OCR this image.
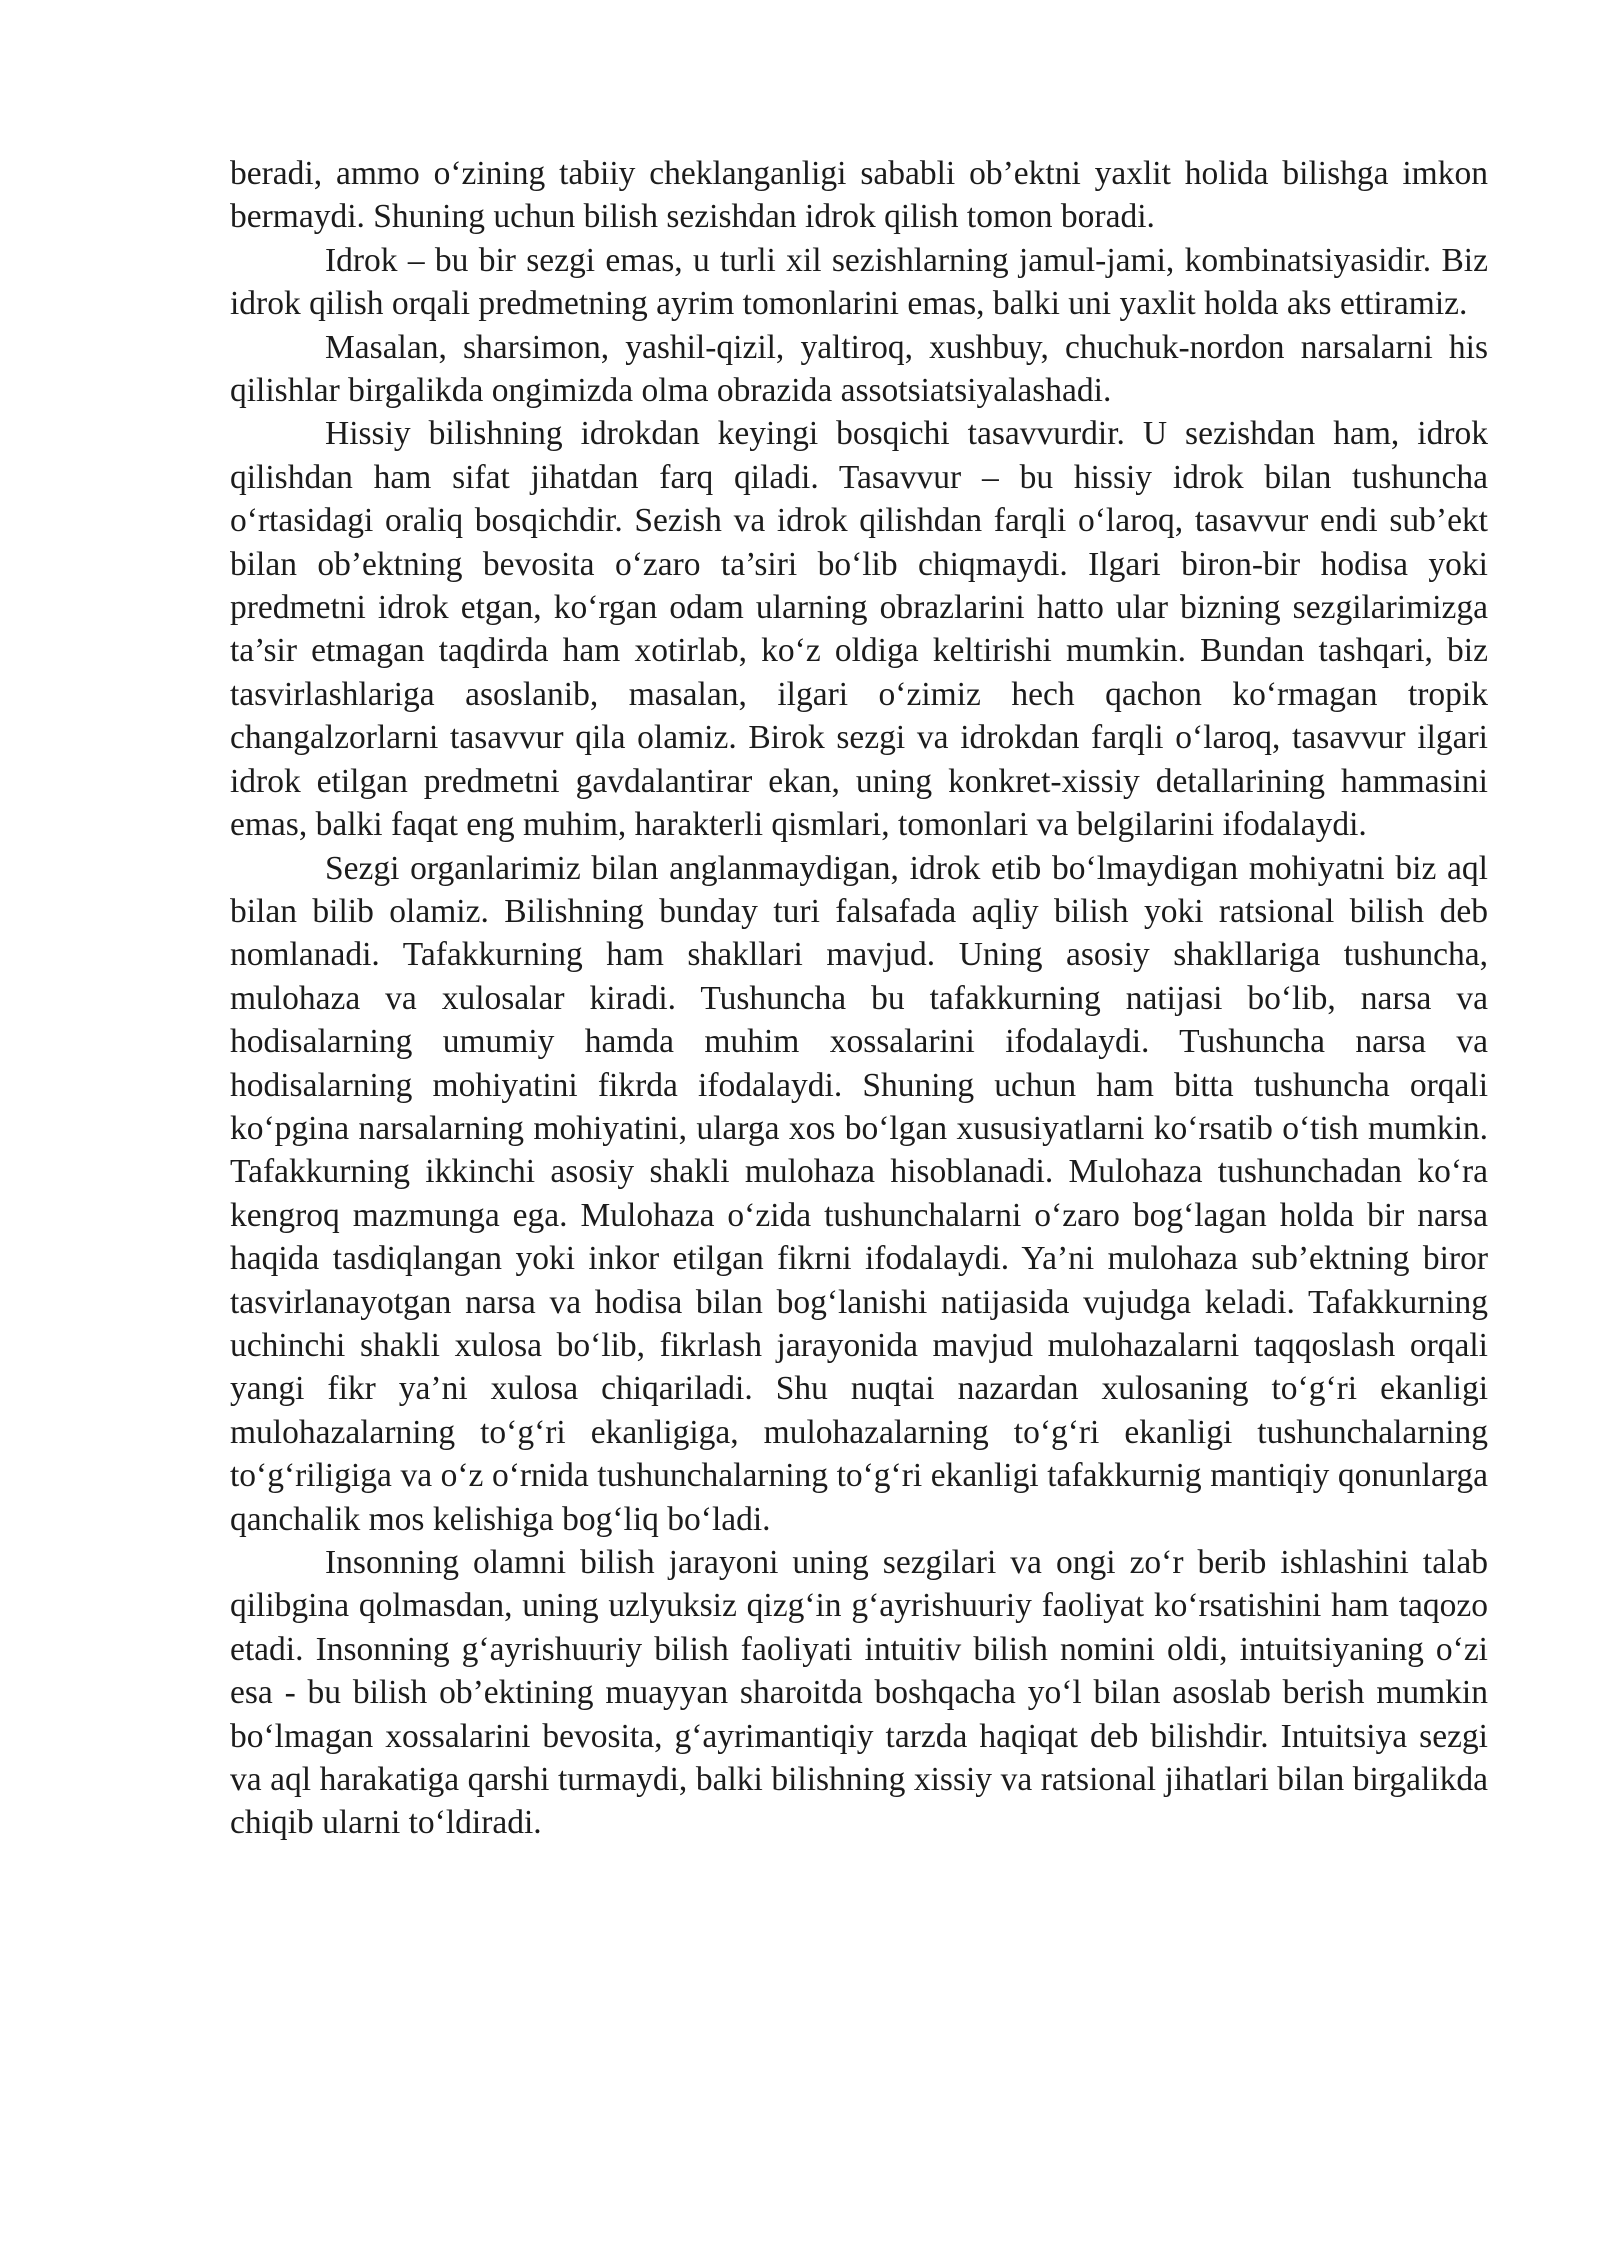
beradi, ammo o‘zining tabiiy cheklanganligi sababli ob’ektni yaxlit holida bilishga imkon bermaydi. Shuning uchun bilish sezishdan idrok qilish tomon boradi.

Idrok – bu bir sezgi emas, u turli xil sezishlarning jamul-jami, kombinatsiyasidir. Biz idrok qilish orqali predmetning ayrim tomonlarini emas, balki uni yaxlit holda aks ettiramiz.

Masalan, sharsimon, yashil-qizil, yaltiroq, xushbuy, chuchuk-nordon narsalarni his qilishlar birgalikda ongimizda olma obrazida assotsiatsiyalashadi.

Hissiy bilishning idrokdan keyingi bosqichi tasavvurdir. U sezishdan ham, idrok qilishdan ham sifat jihatdan farq qiladi. Tasavvur – bu hissiy idrok bilan tushuncha o‘rtasidagi oraliq bosqichdir. Sezish va idrok qilishdan farqli o‘laroq, tasavvur endi sub’ekt bilan ob’ektning bevosita o‘zaro ta’siri bo‘lib chiqmaydi. Ilgari biron-bir hodisa yoki predmetni idrok etgan, ko‘rgan odam ularning obrazlarini hatto ular bizning sezgilarimizga ta’sir etmagan taqdirda ham xotirlab, ko‘z oldiga keltirishi mumkin. Bundan tashqari, biz tasvirlashlariga asoslanib, masalan, ilgari o‘zimiz hech qachon ko‘rmagan tropik changalzorlarni tasavvur qila olamiz. Birok sezgi va idrokdan farqli o‘laroq, tasavvur ilgari idrok etilgan predmetni gavdalantirar ekan, uning konkret-xissiy detallarining hammasini emas, balki faqat eng muhim, harakterli qismlari, tomonlari va belgilarini ifodalaydi.

Sezgi organlarimiz bilan anglanmaydigan, idrok etib bo‘lmaydigan mohiyatni biz aql bilan bilib olamiz. Bilishning bunday turi falsafada aqliy bilish yoki ratsional bilish deb nomlanadi. Tafakkurning ham shakllari mavjud. Uning asosiy shakllariga tushuncha, mulohaza va xulosalar kiradi. Tushuncha bu tafakkurning natijasi bo‘lib, narsa va hodisalarning umumiy hamda muhim xossalarini ifodalaydi. Tushuncha narsa va hodisalarning mohiyatini fikrda ifodalaydi. Shuning uchun ham bitta tushuncha orqali ko‘pgina narsalarning mohiyatini, ularga xos bo‘lgan xususiyatlarni ko‘rsatib o‘tish mumkin. Tafakkurning ikkinchi asosiy shakli mulohaza hisoblanadi. Mulohaza tushunchadan ko‘ra kengroq mazmunga ega. Mulohaza o‘zida tushunchalarni o‘zaro bog‘lagan holda bir narsa haqida tasdiqlangan yoki inkor etilgan fikrni ifodalaydi. Ya’ni mulohaza sub’ektning biror tasvirlanayotgan narsa va hodisa bilan bog‘lanishi natijasida vujudga keladi. Tafakkurning uchinchi shakli xulosa bo‘lib, fikrlash jarayonida mavjud mulohazalarni taqqoslash orqali yangi fikr ya’ni xulosa chiqariladi. Shu nuqtai nazardan xulosaning to‘g‘ri ekanligi mulohazalarning to‘g‘ri ekanligiga, mulohazalarning to‘g‘ri ekanligi tushunchalarning to‘g‘riligiga va o‘z o‘rnida tushunchalarning to‘g‘ri ekanligi tafakkurnig mantiqiy qonunlarga qanchalik mos kelishiga bog‘liq bo‘ladi.

Insonning olamni bilish jarayoni uning sezgilari va ongi zo‘r berib ishlashini talab qilibgina qolmasdan, uning uzlyuksiz qizg‘in g‘ayrishuuriy faoliyat ko‘rsatishini ham taqozo etadi. Insonning g‘ayrishuuriy bilish faoliyati intuitiv bilish nomini oldi, intuitsiyaning o‘zi esa - bu bilish ob’ektining muayyan sharoitda boshqacha yo‘l bilan asoslab berish mumkin bo‘lmagan xossalarini bevosita, g‘ayrimantiqiy tarzda haqiqat deb bilishdir. Intuitsiya sezgi va aql harakatiga qarshi turmaydi, balki bilishning xissiy va ratsional jihatlari bilan birgalikda chiqib ularni to‘ldiradi.
